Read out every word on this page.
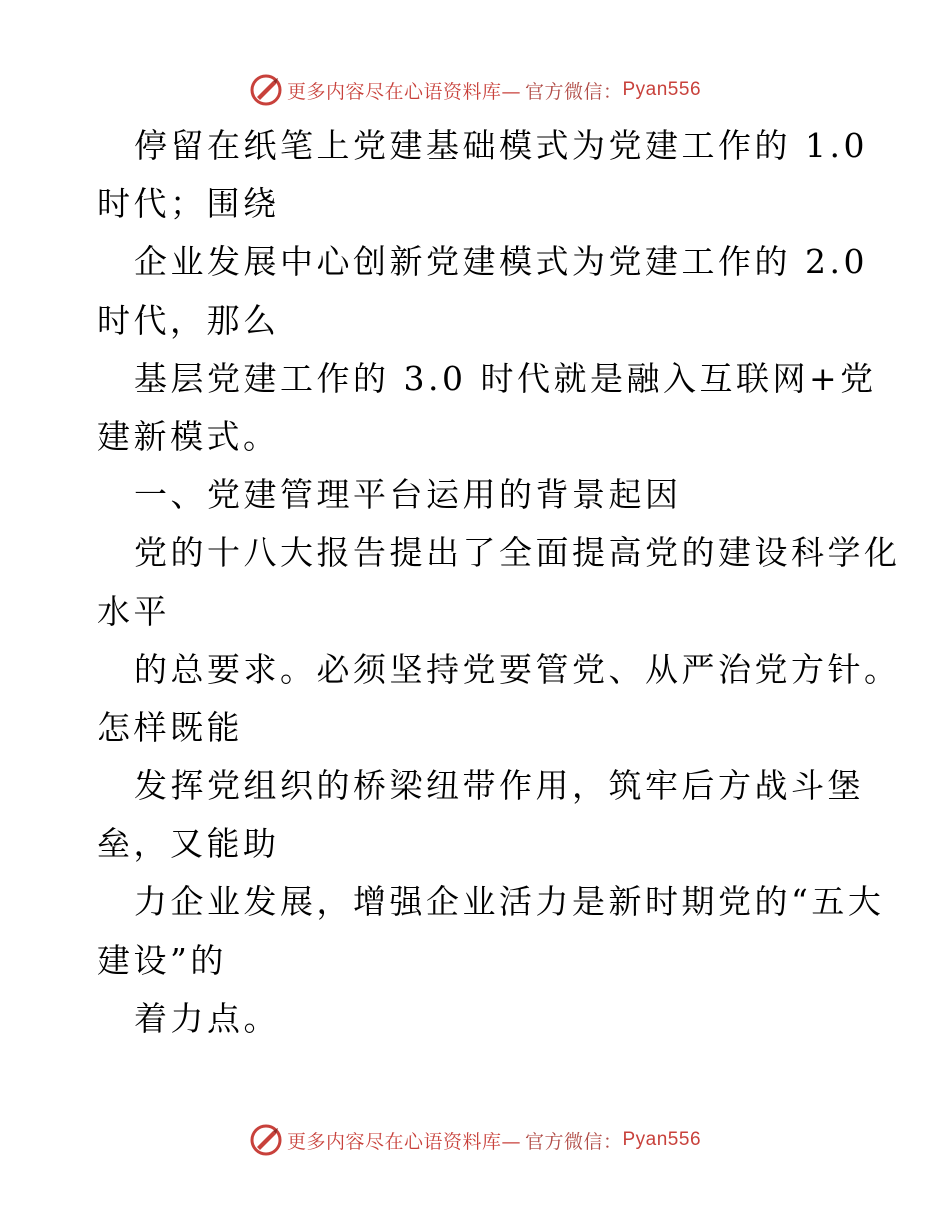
更多内容尽在心语资料库— 官方微信： Pyan556
停留在纸笔上党建基础模式为党建工作的 1.0
时代；围绕
企业发展中心创新党建模式为党建工作的 2.0
时代，那么
基层党建工作的 3.0 时代就是融入互联网+党
建新模式。
一、党建管理平台运用的背景起因
党的十八大报告提出了全面提高党的建设科学化
水平
的总要求。必须坚持党要管党、从严治党方针。
怎样既能
发挥党组织的桥梁纽带作用，筑牢后方战斗堡
垒，又能助
力企业发展，增强企业活力是新时期党的“五大
建设”的
着力点。
更多内容尽在心语资料库— 官方微信： Pyan556
